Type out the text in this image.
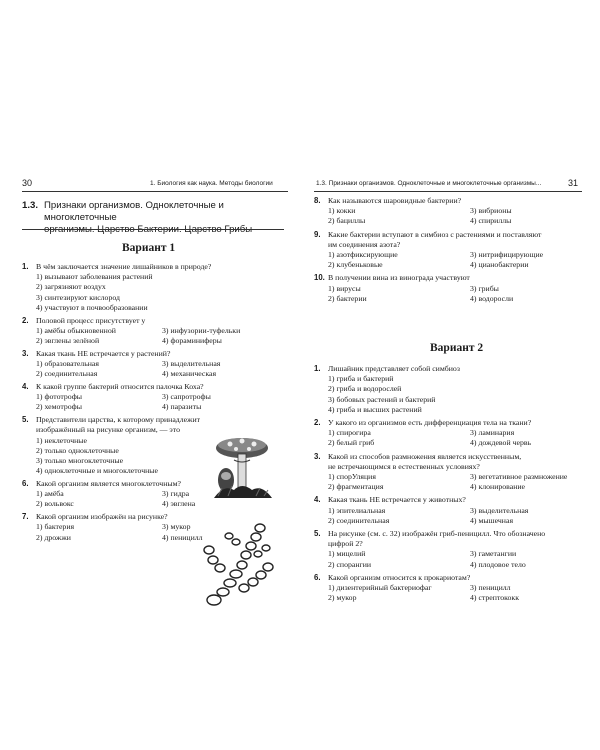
30	1. Биология как наука. Методы биологии
1.3. Признаки организмов. Одноклеточные и многоклеточные
организмы. Царство Бактерии. Царство Грибы
Вариант 1
1. В чём заключается значение лишайников в природе?
1) вызывают заболевания растений
2) загрязняют воздух
3) синтезируют кислород
4) участвуют в почвообразовании
2. Половой процесс присутствует у
1) амёбы обыкновенной	3) инфузории-туфельки
2) эвглены зелёной	4) фораминиферы
3. Какая ткань НЕ встречается у растений?
1) образовательная	3) выделительная
2) соединительная	4) механическая
4. К какой группе бактерий относится палочка Коха?
1) фототрофы	3) сапротрофы
2) хемотрофы	4) паразиты
5. Представители царства, к которому принадлежит
изображённый на рисунке организм, — это
1) неклеточные
2) только одноклеточные
3) только многоклеточные
4) одноклеточные и многоклеточные
6. Какой организм является многоклеточным?
1) амёба	3) гидра
2) вольвокс	4) эвглена
7. Какой организм изображён на рисунке?
1) бактерия	3) мукор
2) дрожжи	4) пеницилл
1.3. Признаки организмов. Одноклеточные и многоклеточные организмы...	31
8. Как называются шаровидные бактерии?
1) кокки	3) вибрионы
2) бациллы	4) спириллы
9. Какие бактерии вступают в симбиоз с растениями и поставляют
им соединения азота?
1) азотфиксирующие	3) нитрифицирующие
2) клубеньковые	4) цианобактерии
10. В получении вина из винограда участвуют
1) вирусы	3) грибы
2) бактерии	4) водоросли
Вариант 2
1. Лишайник представляет собой симбиоз
1) гриба и бактерий
2) гриба и водорослей
3) бобовых растений и бактерий
4) гриба и высших растений
2. У какого из организмов есть дифференциация тела на ткани?
1) спирогира	3) ламинария
2) белый гриб	4) дождевой червь
3. Какой из способов размножения является искусственным,
не встречающимся в естественных условиях?
1) спорУляция	3) вегетативное размножение
2) фрагментация	4) клонирование
4. Какая ткань НЕ встречается у животных?
1) эпителиальная	3) выделительная
2) соединительная	4) мышечная
5. На рисунке (см. с. 32) изображён гриб-пеницилл. Что обозначено
цифрой 2?
1) мицелий	3) гаметангии
2) спорангии	4) плодовое тело
6. Какой организм относится к прокариотам?
1) дизентерийный бактериофаг	3) пеницилл
2) мукор	4) стрептококк
